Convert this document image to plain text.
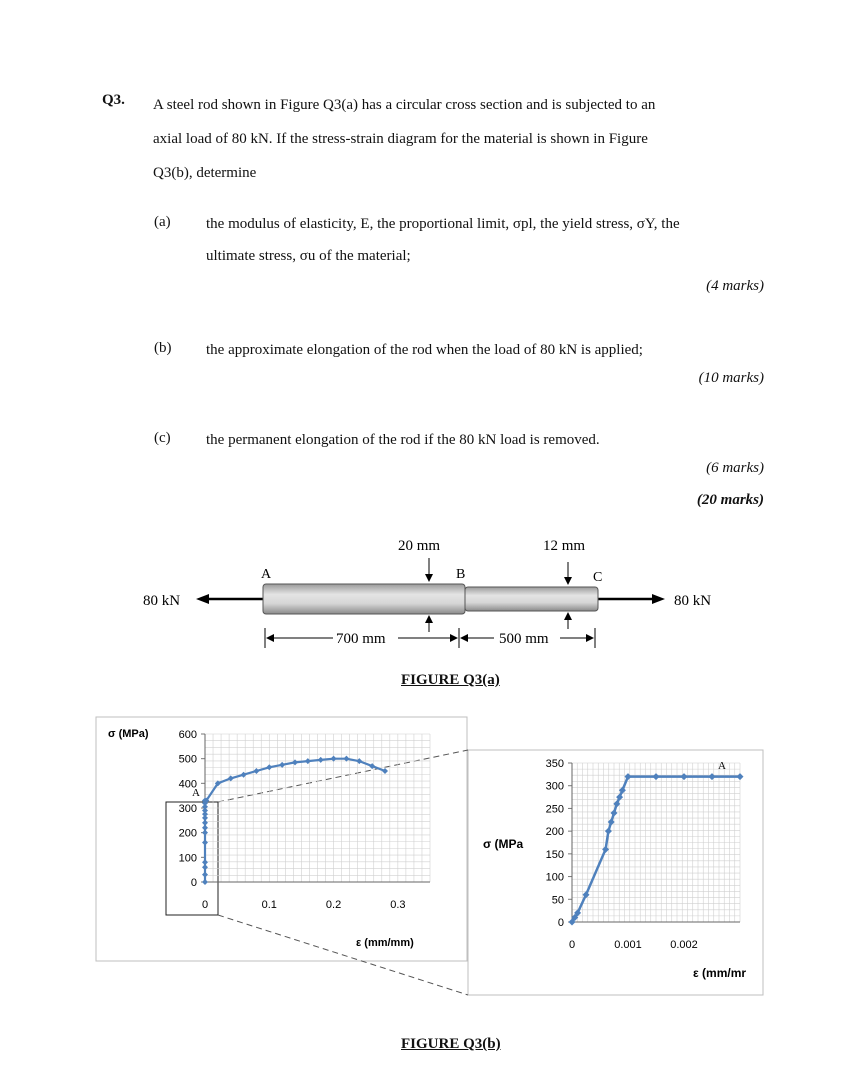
Q3. A steel rod shown in Figure Q3(a) has a circular cross section and is subjected to an
axial load of 80 kN. If the stress-strain diagram for the material is shown in Figure
Q3(b), determine
(a) the modulus of elasticity, E, the proportional limit, σpl, the yield stress, σY, the
ultimate stress, σu of the material;
(4 marks)
(b) the approximate elongation of the rod when the load of 80 kN is applied;
(10 marks)
(c) the permanent elongation of the rod if the 80 kN load is removed.
(6 marks)
(20 marks)
80 kN	80 kN
A	B	C
20 mm	12 mm
700 mm	500 mm
FIGURE Q3(a)
0
100
200
300
400
500
600
0	0.1	0.2	0.3
0
50
100
150
200
250
300
350
0	0.001	0.002
σ (MPa)
ε (mm/mm)
σ (MPa
ε (mm/mr
A
A
FIGURE Q3(b)
